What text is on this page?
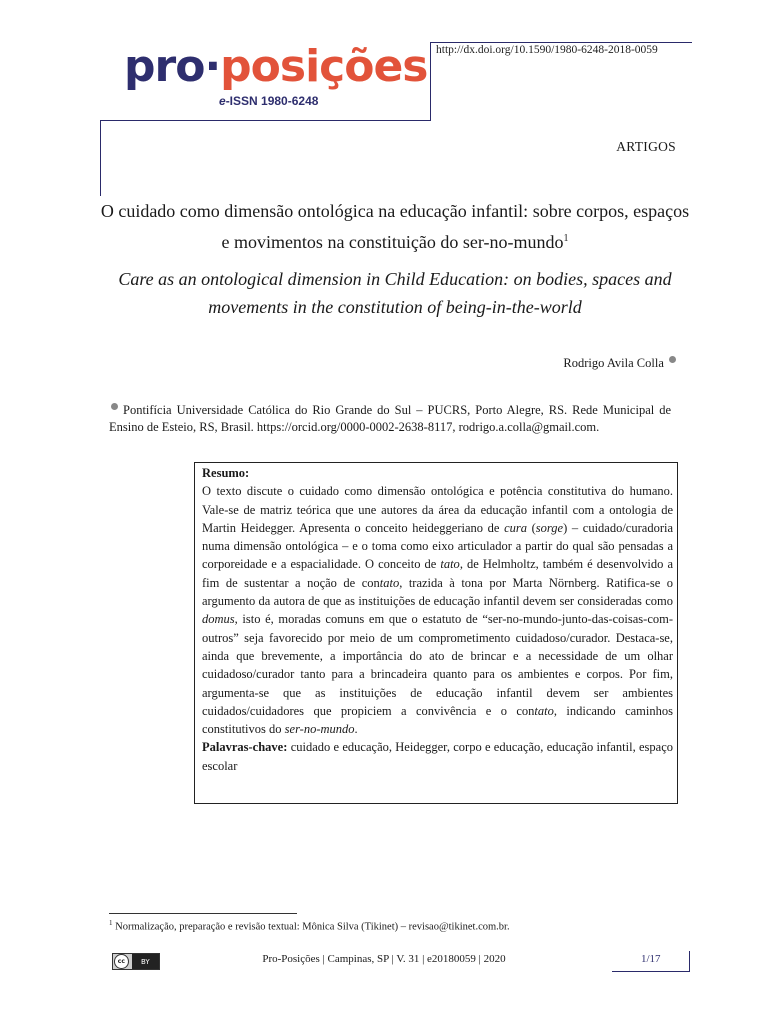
pro·posições
e-ISSN 1980-6248
http://dx.doi.org/10.1590/1980-6248-2018-0059
ARTIGOS
O cuidado como dimensão ontológica na educação infantil: sobre corpos, espaços e movimentos na constituição do ser-no-mundo$^1$
Care as an ontological dimension in Child Education: on bodies, spaces and movements in the constitution of being-in-the-world
Rodrigo Avila Colla
Pontifícia Universidade Católica do Rio Grande do Sul – PUCRS, Porto Alegre, RS. Rede Municipal de Ensino de Esteio, RS, Brasil. https://orcid.org/0000-0002-2638-8117, rodrigo.a.colla@gmail.com.
Resumo:
O texto discute o cuidado como dimensão ontológica e potência constitutiva do humano. Vale-se de matriz teórica que une autores da área da educação infantil com a ontologia de Martin Heidegger. Apresenta o conceito heideggeriano de cura (sorge) – cuidado/curadoria numa dimensão ontológica – e o toma como eixo articulador a partir do qual são pensadas a corporeidade e a espacialidade. O conceito de tato, de Helmholtz, também é desenvolvido a fim de sustentar a noção de contato, trazida à tona por Marta Nörnberg. Ratifica-se o argumento da autora de que as instituições de educação infantil devem ser consideradas como domus, isto é, moradas comuns em que o estatuto de “ser-no-mundo-junto-das-coisas-com-outros” seja favorecido por meio de um comprometimento cuidadoso/curador. Destaca-se, ainda que brevemente, a importância do ato de brincar e a necessidade de um olhar cuidadoso/curador tanto para a brincadeira quanto para os ambientes e corpos. Por fim, argumenta-se que as instituições de educação infantil devem ser ambientes cuidados/cuidadores que propiciem a convivência e o contato, indicando caminhos constitutivos do ser-no-mundo.
Palavras-chave: cuidado e educação, Heidegger, corpo e educação, educação infantil, espaço escolar
$^1$ Normalização, preparação e revisão textual: Mônica Silva (Tikinet) – revisao@tikinet.com.br.
cc BY	Pro-Posições | Campinas, SP | V. 31 | e20180059 | 2020	1/17
